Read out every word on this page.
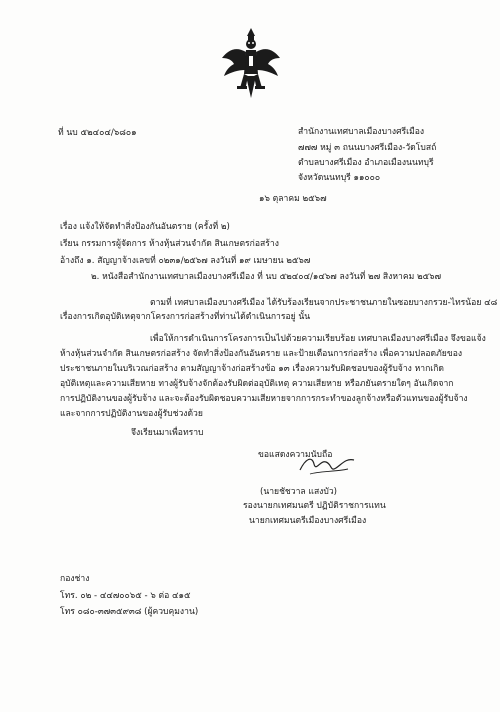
ที่ นบ ๕๒๔๐๔/๖๘๐๑	สำนักงานเทศบาลเมืองบางศรีเมือง
๗๗๗ หมู่ ๓ ถนนบางศรีเมือง-วัดโบสถ์
ตำบลบางศรีเมือง อำเภอเมืองนนทบุรี
จังหวัดนนทบุรี ๑๑๐๐๐
๑๖ ตุลาคม ๒๕๖๗
เรื่อง แจ้งให้จัดทำสิ่งป้องกันอันตราย (ครั้งที่ ๒)
เรียน กรรมการผู้จัดการ ห้างหุ้นส่วนจำกัด สินเกษตรก่อสร้าง
อ้างถึง ๑. สัญญาจ้างเลขที่ ๐๒๓๑/๒๕๖๗ ลงวันที่ ๑๙ เมษายน ๒๕๖๗
๒. หนังสือสำนักงานเทศบาลเมืองบางศรีเมือง ที่ นบ ๕๒๔๐๔/๑๔๖๗ ลงวันที่ ๒๗ สิงหาคม ๒๕๖๗
ตามที่ เทศบาลเมืองบางศรีเมือง ได้รับร้องเรียนจากประชาชนภายในซอยบางกรวย-ไทรน้อย ๔๘
เรื่องการเกิดอุบัติเหตุจากโครงการก่อสร้างที่ท่านได้ดำเนินการอยู่ นั้น
เพื่อให้การดำเนินการโครงการเป็นไปด้วยความเรียบร้อย เทศบาลเมืองบางศรีเมือง จึงขอแจ้ง
ห้างหุ้นส่วนจำกัด สินเกษตรก่อสร้าง จัดทำสิ่งป้องกันอันตราย และป้ายเตือนการก่อสร้าง เพื่อความปลอดภัยของ
ประชาชนภายในบริเวณก่อสร้าง ตามสัญญาจ้างก่อสร้างข้อ ๑๓ เรื่องความรับผิดชอบของผู้รับจ้าง หากเกิด
อุบัติเหตุและความเสียหาย ทางผู้รับจ้างจักต้องรับผิดต่ออุบัติเหตุ ความเสียหาย หรือภยันตรายใดๆ อันเกิดจาก
การปฏิบัติงานของผู้รับจ้าง และจะต้องรับผิดชอบความเสียหายจากการกระทำของลูกจ้างหรือตัวแทนของผู้รับจ้าง
และจากการปฏิบัติงานของผู้รับช่วงด้วย
จึงเรียนมาเพื่อทราบ
ขอแสดงความนับถือ
(นายชัชวาล แสงบัว)
รองนายกเทศมนตรี ปฏิบัติราชการแทน
นายกเทศมนตรีเมืองบางศรีเมือง
กองช่าง
โทร. ๐๒ - ๔๔๗๐๐๖๕ - ๖ ต่อ ๔๑๕
โทร ๐๘๐-๓๗๓๕๙๓๘ (ผู้ควบคุมงาน)
